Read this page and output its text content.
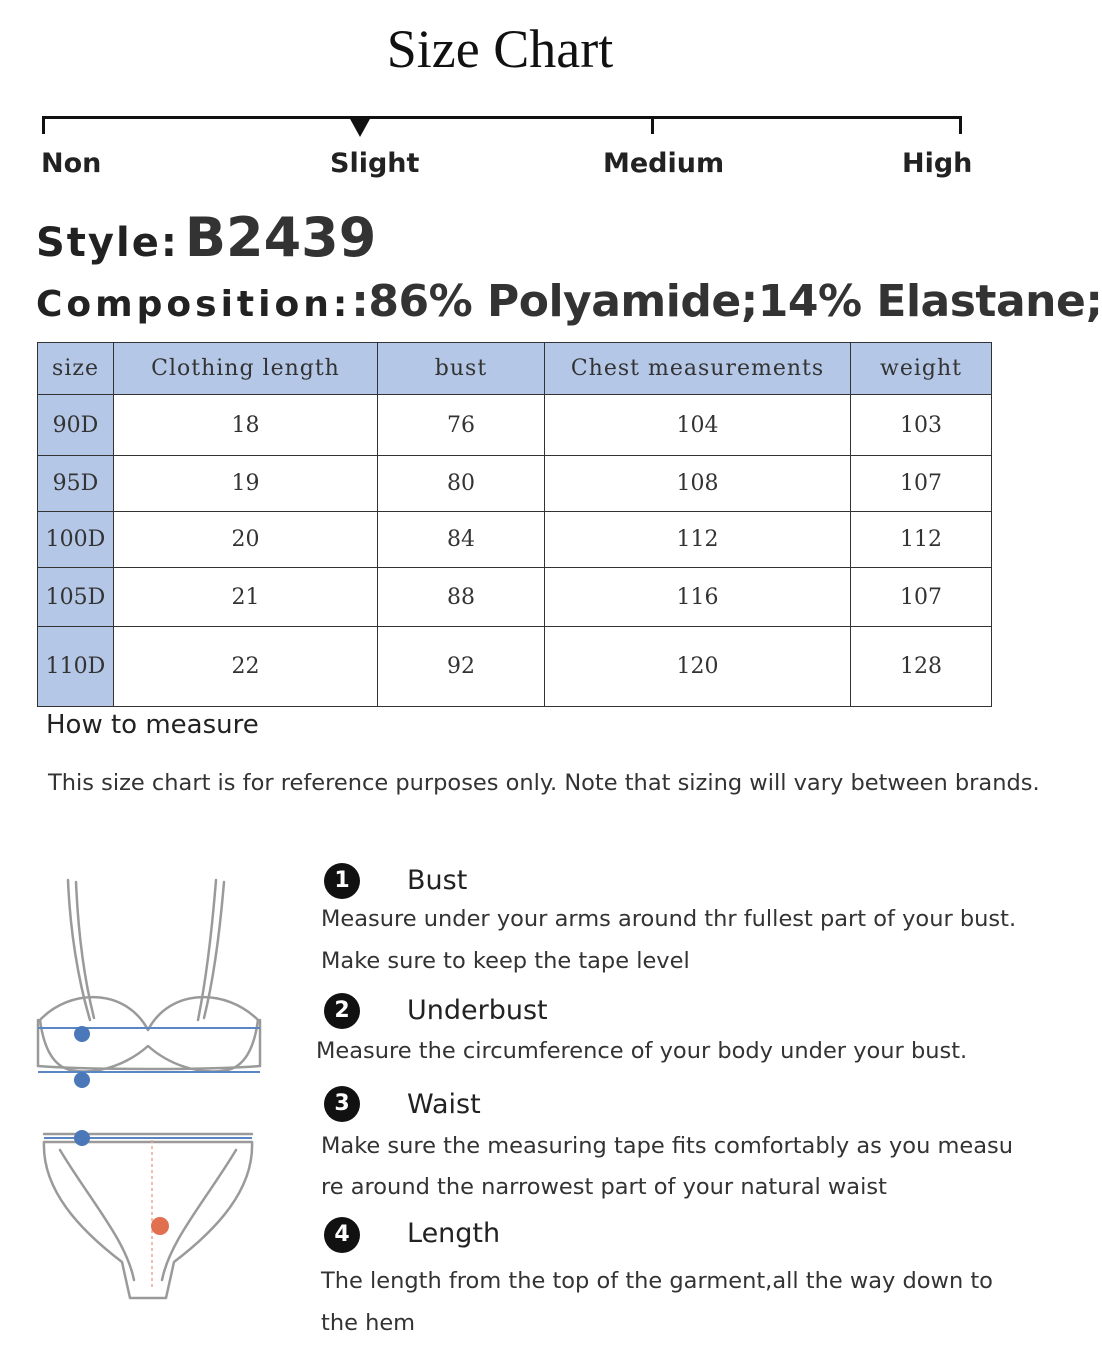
Size Chart
Non	Slight	Medium	High
Style: B2439
Composition::86% Polyamide;14% Elastane;
size	Clothing length	bust	Chest measurements	weight
90D	18	76	104	103
95D	19	80	108	107
100D	20	84	112	112
105D	21	88	116	107
110D	22	92	120	128
How to measure
This size chart is for reference purposes only. Note that sizing will vary between brands.
1	Bust
Measure under your arms around thr fullest part of your bust.
Make sure to keep the tape level
2	Underbust
Measure the circumference of your body under your bust.
3	Waist
Make sure the measuring tape fits comfortably as you measu
re around the narrowest part of your natural waist
4	Length
The length from the top of the garment,all the way down to
the hem
